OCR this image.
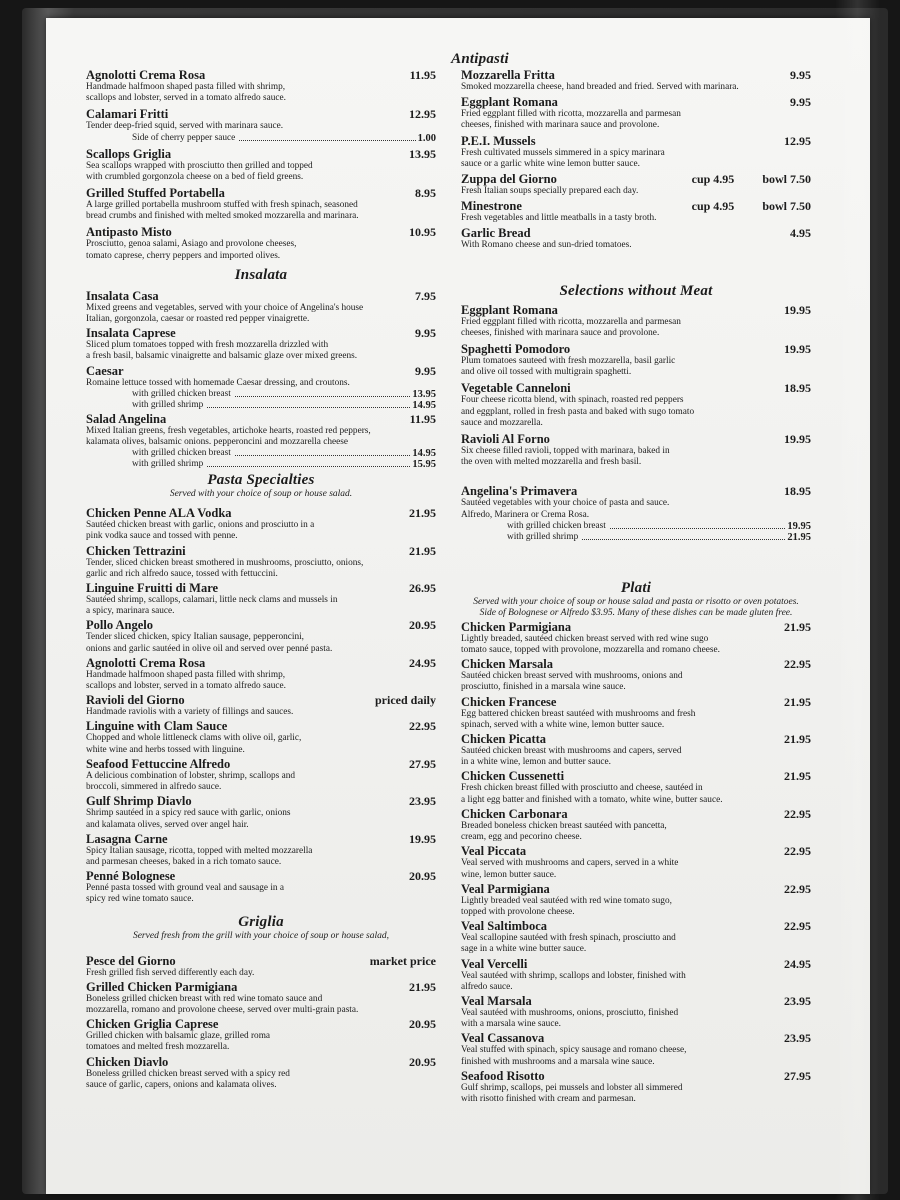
Antipasti

Agnolotti Crema Rosa	11.95
Handmade halfmoon shaped pasta filled with shrimp,
scallops and lobster, served in a tomato alfredo sauce.
Calamari Fritti	12.95
Tender deep-fried squid, served with marinara sauce.
Side of cherry pepper sauce	1.00
Scallops Griglia	13.95
Sea scallops wrapped with prosciutto then grilled and topped
with crumbled gorgonzola cheese on a bed of field greens.
Grilled Stuffed Portabella	8.95
A large grilled portabella mushroom stuffed with fresh spinach, seasoned
bread crumbs and finished with melted smoked mozzarella and marinara.
Antipasto Misto	10.95
Prosciutto, genoa salami, Asiago and provolone cheeses,
tomato caprese, cherry peppers and imported olives.

Insalata

Insalata Casa	7.95
Mixed greens and vegetables, served with your choice of Angelina's house
Italian, gorgonzola, caesar or roasted red pepper vinaigrette.
Insalata Caprese	9.95
Sliced plum tomatoes topped with fresh mozzarella drizzled with
a fresh basil, balsamic vinaigrette and balsamic glaze over mixed greens.
Caesar	9.95
Romaine lettuce tossed with homemade Caesar dressing, and croutons.
with grilled chicken breast	13.95
with grilled shrimp	14.95
Salad Angelina	11.95
Mixed Italian greens, fresh vegetables, artichoke hearts, roasted red peppers,
kalamata olives, balsamic onions. pepperoncini and mozzarella cheese
with grilled chicken breast	14.95
with grilled shrimp	15.95

Pasta Specialties

Served with your choice of soup or house salad.

Chicken Penne ALA Vodka	21.95
Sautéed chicken breast with garlic, onions and prosciutto in a
pink vodka sauce and tossed with penne.
Chicken Tettrazini	21.95
Tender, sliced chicken breast smothered in mushrooms, prosciutto, onions,
garlic and rich alfredo sauce, tossed with fettuccini.
Linguine Fruitti di Mare	26.95
Sautéed shrimp, scallops, calamari, little neck clams and mussels in
a spicy, marinara sauce.
Pollo Angelo	20.95
Tender sliced chicken, spicy Italian sausage, pepperoncini,
onions and garlic sautéed in olive oil and served over penné pasta.
Agnolotti Crema Rosa	24.95
Handmade halfmoon shaped pasta filled with shrimp,
scallops and lobster, served in a tomato alfredo sauce.
Ravioli del Giorno	priced daily
Handmade raviolis with a variety of fillings and sauces.
Linguine with Clam Sauce	22.95
Chopped and whole littleneck clams with olive oil, garlic,
white wine and herbs tossed with linguine.
Seafood Fettuccine Alfredo	27.95
A delicious combination of lobster, shrimp, scallops and
broccoli, simmered in alfredo sauce.
Gulf Shrimp Diavlo	23.95
Shrimp sautéed in a spicy red sauce with garlic, onions
and kalamata olives, served over angel hair.
Lasagna Carne	19.95
Spicy Italian sausage, ricotta, topped with melted mozzarella
and parmesan cheeses, baked in a rich tomato sauce.
Penné Bolognese	20.95
Penné pasta tossed with ground veal and sausage in a
spicy red wine tomato sauce.

Griglia

Served fresh from the grill with your choice of soup or house salad,

Pesce del Giorno	market price
Fresh grilled fish served differently each day.
Grilled Chicken Parmigiana	21.95
Boneless grilled chicken breast with red wine tomato sauce and
mozzarella, romano and provolone cheese, served over multi-grain pasta.
Chicken Griglia Caprese	20.95
Grilled chicken with balsamic glaze, grilled roma
tomatoes and melted fresh mozzarella.
Chicken Diavlo	20.95
Boneless grilled chicken breast served with a spicy red
sauce of garlic, capers, onions and kalamata olives.
Mozzarella Fritta	9.95
Smoked mozzarella cheese, hand breaded and fried. Served with marinara.
Eggplant Romana	9.95
Fried eggplant filled with ricotta, mozzarella and parmesan
cheeses, finished with marinara sauce and provolone.
P.E.I. Mussels	12.95
Fresh cultivated mussels simmered in a spicy marinara
sauce or a garlic white wine lemon butter sauce.
Zuppa del Giorno	cup 4.95 bowl 7.50
Fresh Italian soups specially prepared each day.
Minestrone	cup 4.95 bowl 7.50
Fresh vegetables and little meatballs in a tasty broth.
Garlic Bread	4.95
With Romano cheese and sun-dried tomatoes.

Selections without Meat

Eggplant Romana	19.95
Fried eggplant filled with ricotta, mozzarella and parmesan
cheeses, finished with marinara sauce and provolone.
Spaghetti Pomodoro	19.95
Plum tomatoes sauteed with fresh mozzarella, basil garlic
and olive oil tossed with multigrain spaghetti.
Vegetable Canneloni	18.95
Four cheese ricotta blend, with spinach, roasted red peppers
and eggplant, rolled in fresh pasta and baked with sugo tomato
sauce and mozzarella.
Ravioli Al Forno	19.95
Six cheese filled ravioli, topped with marinara, baked in
the oven with melted mozzarella and fresh basil.
Angelina's Primavera	18.95
Sautéed vegetables with your choice of pasta and sauce.
Alfredo, Marinera or Crema Rosa.
with grilled chicken breast	19.95
with grilled shrimp	21.95

Plati

Served with your choice of soup or house salad and pasta or risotto or oven potatoes.

Side of Bolognese or Alfredo $3.95. Many of these dishes can be made gluten free.

Chicken Parmigiana	21.95
Lightly breaded, sautéed chicken breast served with red wine sugo
tomato sauce, topped with provolone, mozzarella and romano cheese.
Chicken Marsala	22.95
Sautéed chicken breast served with mushrooms, onions and
prosciutto, finished in a marsala wine sauce.
Chicken Francese	21.95
Egg battered chicken breast sautéed with mushrooms and fresh
spinach, served with a white wine, lemon butter sauce.
Chicken Picatta	21.95
Sautéed chicken breast with mushrooms and capers, served
in a white wine, lemon and butter sauce.
Chicken Cussenetti	21.95
Fresh chicken breast filled with prosciutto and cheese, sautéed in
a light egg batter and finished with a tomato, white wine, butter sauce.
Chicken Carbonara	22.95
Breaded boneless chicken breast sautéed with pancetta,
cream, egg and pecorino cheese.
Veal Piccata	22.95
Veal served with mushrooms and capers, served in a white
wine, lemon butter sauce.
Veal Parmigiana	22.95
Lightly breaded veal sautéed with red wine tomato sugo,
topped with provolone cheese.
Veal Saltimboca	22.95
Veal scallopine sautéed with fresh spinach, prosciutto and
sage in a white wine butter sauce.
Veal Vercelli	24.95
Veal sautéed with shrimp, scallops and lobster, finished with
alfredo sauce.
Veal Marsala	23.95
Veal sautéed with mushrooms, onions, prosciutto, finished
with a marsala wine sauce.
Veal Cassanova	23.95
Veal stuffed with spinach, spicy sausage and romano cheese,
finished with mushrooms and a marsala wine sauce.
Seafood Risotto	27.95
Gulf shrimp, scallops, pei mussels and lobster all simmered
with risotto finished with cream and parmesan.
